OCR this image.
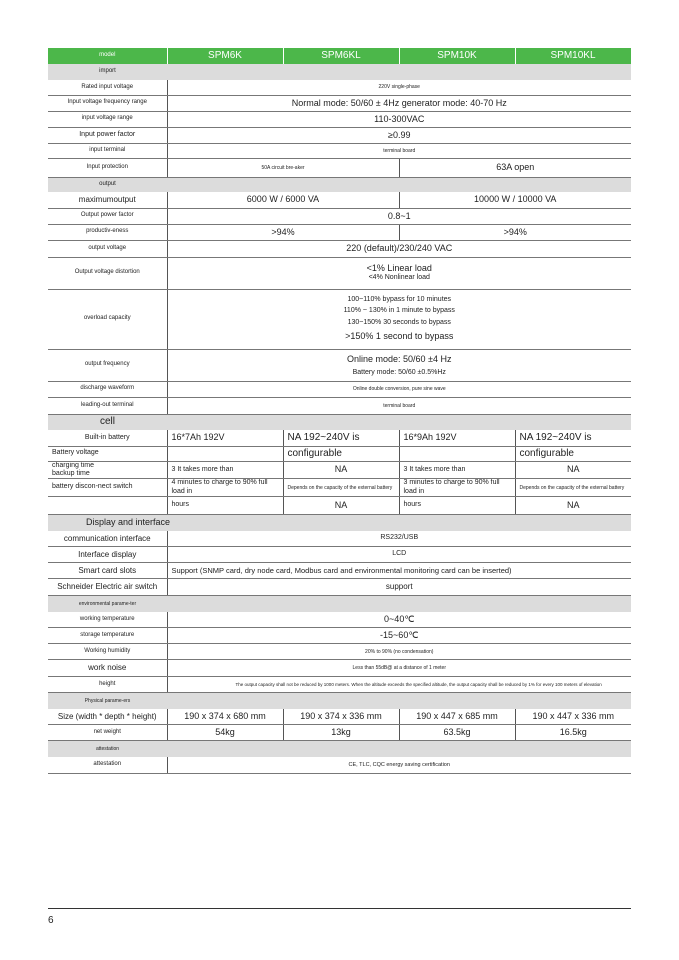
model	SPM6K	SPM6KL	SPM10K	SPM10KL
import				
Rated input voltage	220V single-phase			
Input voltage frequency range	Normal mode: 50/60 ± 4Hz generator mode: 40-70 Hz			
input voltage range	110-300VAC			
Input power factor	≥0.99			
input terminal	terminal board			
Input protection	50A circuit bre-aker		63A open	
output				
maximumoutput	6000 W / 6000 VA		10000 W / 10000 VA	
Output power factor	0.8~1			
productiv-eness	>94%		>94%	
output voltage	220 (default)/230/240 VAC			
Output voltage distortion	<1% Linear load
<4% Nonlinear load			

overload capacity	100~110% bypass for 10 minutes
110% ~ 130% in 1 minute to bypass
130~150% 30 seconds to bypass
>150% 1 second to bypass			

output frequency	Online mode: 50/60 ±4 Hz
Battery mode: 50/60 ±0.5%Hz			

discharge waveform	Online double conversion, pure sine wave			
leading-out terminal	terminal board			
cell				
Built-in battery	16*7Ah 192V	NA 192~240V is	16*9Ah 192V	NA 192~240V is
Battery voltage		configurable		configurable

charging time
backup time	3 It takes more than	NA	3 It takes more than	NA
battery discon-nect switch	4 minutes to charge to 90% full load in	Depends on the capacity of the external battery	3 minutes to charge to 90% full load in	Depends on the capacity of the external battery
	hours	NA	hours	NA
Display and interface				
communication interface	RS232/USB			
Interface display	LCD			
Smart card slots	Support (SNMP card, dry node card, Modbus card and environmental monitoring card can be inserted)			
Schneider Electric air switch	support			
environmental parame-ter				
working temperature	0~40℃			
storage temperature	-15~60℃			
Working humidity	20% to 90% (no condensation)			
work noise	Less than 55dB@ at a distance of 1 meter			
height	The output capacity shall not be reduced by 1000 meters. When the altitude exceeds the specified altitude, the output capacity shall be reduced by 1% for every 100 meters of elevation			
Physical parame-ers				
Size (width * depth * height)	190 x 374 x 680 mm	190 x 374 x 336 mm	190 x 447 x 685 mm	190 x 447 x 336 mm
net weight	54kg	13kg	63.5kg	16.5kg
attestation				
attestation	CE, TLC, CQC energy saving certification			
6
